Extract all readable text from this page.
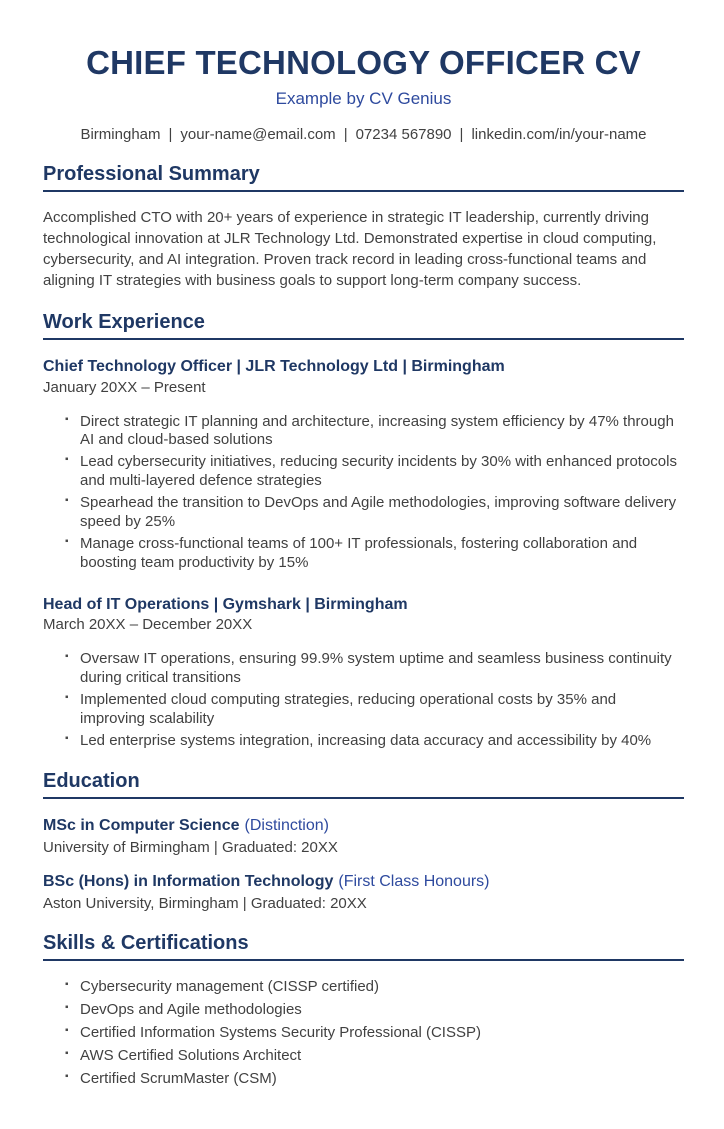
CHIEF TECHNOLOGY OFFICER CV
Example by CV Genius
Birmingham | your-name@email.com | 07234 567890 | linkedin.com/in/your-name
Professional Summary

Accomplished CTO with 20+ years of experience in strategic IT leadership, currently driving technological innovation at JLR Technology Ltd. Demonstrated expertise in cloud computing, cybersecurity, and AI integration. Proven track record in leading cross-functional teams and aligning IT strategies with business goals to support long-term company success.

Work Experience
Chief Technology Officer | JLR Technology Ltd | Birmingham
January 20XX – Present
▪ Direct strategic IT planning and architecture, increasing system efficiency by 47% through AI and cloud-based solutions
▪ Lead cybersecurity initiatives, reducing security incidents by 30% with enhanced protocols and multi-layered defence strategies
▪ Spearhead the transition to DevOps and Agile methodologies, improving software delivery speed by 25%
▪ Manage cross-functional teams of 100+ IT professionals, fostering collaboration and boosting team productivity by 15%
Head of IT Operations | Gymshark | Birmingham
March 20XX – December 20XX
▪ Oversaw IT operations, ensuring 99.9% system uptime and seamless business continuity during critical transitions
▪ Implemented cloud computing strategies, reducing operational costs by 35% and improving scalability
▪ Led enterprise systems integration, increasing data accuracy and accessibility by 40%
Education
MSc in Computer Science (Distinction)
University of Birmingham | Graduated: 20XX
BSc (Hons) in Information Technology (First Class Honours)
Aston University, Birmingham | Graduated: 20XX
Skills & Certifications
▪ Cybersecurity management (CISSP certified)
▪ DevOps and Agile methodologies
▪ Certified Information Systems Security Professional (CISSP)
▪ AWS Certified Solutions Architect
▪ Certified ScrumMaster (CSM)
